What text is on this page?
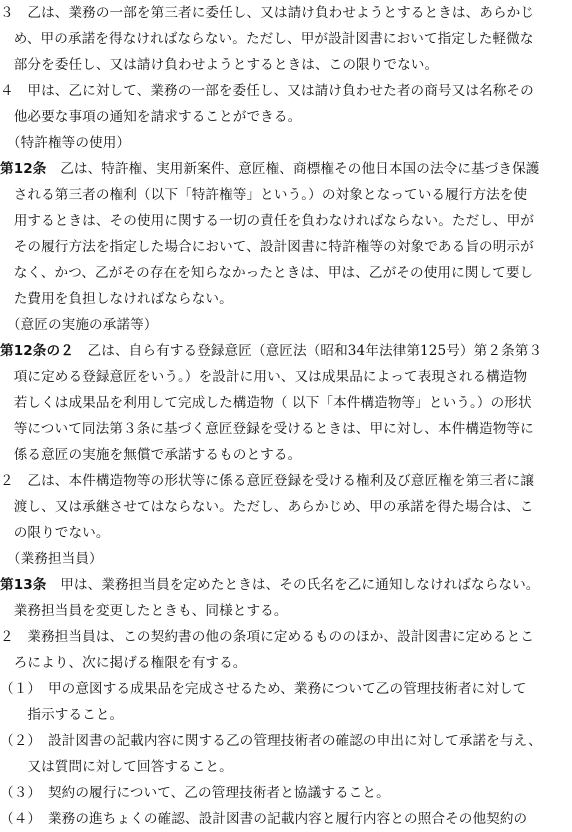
３　乙は、業務の一部を第三者に委任し、又は請け負わせようとするときは、あらかじ
　め、甲の承諾を得なければならない。ただし、甲が設計図書において指定した軽微な
　部分を委任し、又は請け負わせようとするときは、この限りでない。
４　甲は、乙に対して、業務の一部を委任し、又は請け負わせた者の商号又は名称その
　他必要な事項の通知を請求することができる。
　（特許権等の使用）
第12条　乙は、特許権、実用新案件、意匠権、商標権その他日本国の法令に基づき保護
　される第三者の権利（以下「特許権等」という。）の対象となっている履行方法を使
　用するときは、その使用に関する一切の責任を負わなければならない。ただし、甲が
　その履行方法を指定した場合において、設計図書に特許権等の対象である旨の明示が
　なく、かつ、乙がその存在を知らなかったときは、甲は、乙がその使用に関して要し
　た費用を負担しなければならない。
　（意匠の実施の承諾等）
第12条の２　乙は、自ら有する登録意匠（意匠法（昭和34年法律第125号）第２条第３
　項に定める登録意匠をいう。）を設計に用い、又は成果品によって表現される構造物
　若しくは成果品を利用して完成した構造物（ 以下「本件構造物等」という。）の形状
　等について同法第３条に基づく意匠登録を受けるときは、甲に対し、本件構造物等に
　係る意匠の実施を無償で承諾するものとする。
２　乙は、本件構造物等の形状等に係る意匠登録を受ける権利及び意匠権を第三者に譲
　渡し、又は承継させてはならない。ただし、あらかじめ、甲の承諾を得た場合は、こ
　の限りでない。
　（業務担当員）
第13条　甲は、業務担当員を定めたときは、その氏名を乙に通知しなければならない。
　業務担当員を変更したときも、同様とする。
２　業務担当員は、この契約書の他の条項に定めるもののほか、設計図書に定めるとこ
　ろにより、次に掲げる権限を有する。
（１）　甲の意図する成果品を完成させるため、業務について乙の管理技術者に対して
　　指示すること。
（２）　設計図書の記載内容に関する乙の管理技術者の確認の申出に対して承諾を与え、
　　又は質問に対して回答すること。
（３）　契約の履行について、乙の管理技術者と協議すること。
（４）　業務の進ちょくの確認、設計図書の記載内容と履行内容との照合その他契約の
